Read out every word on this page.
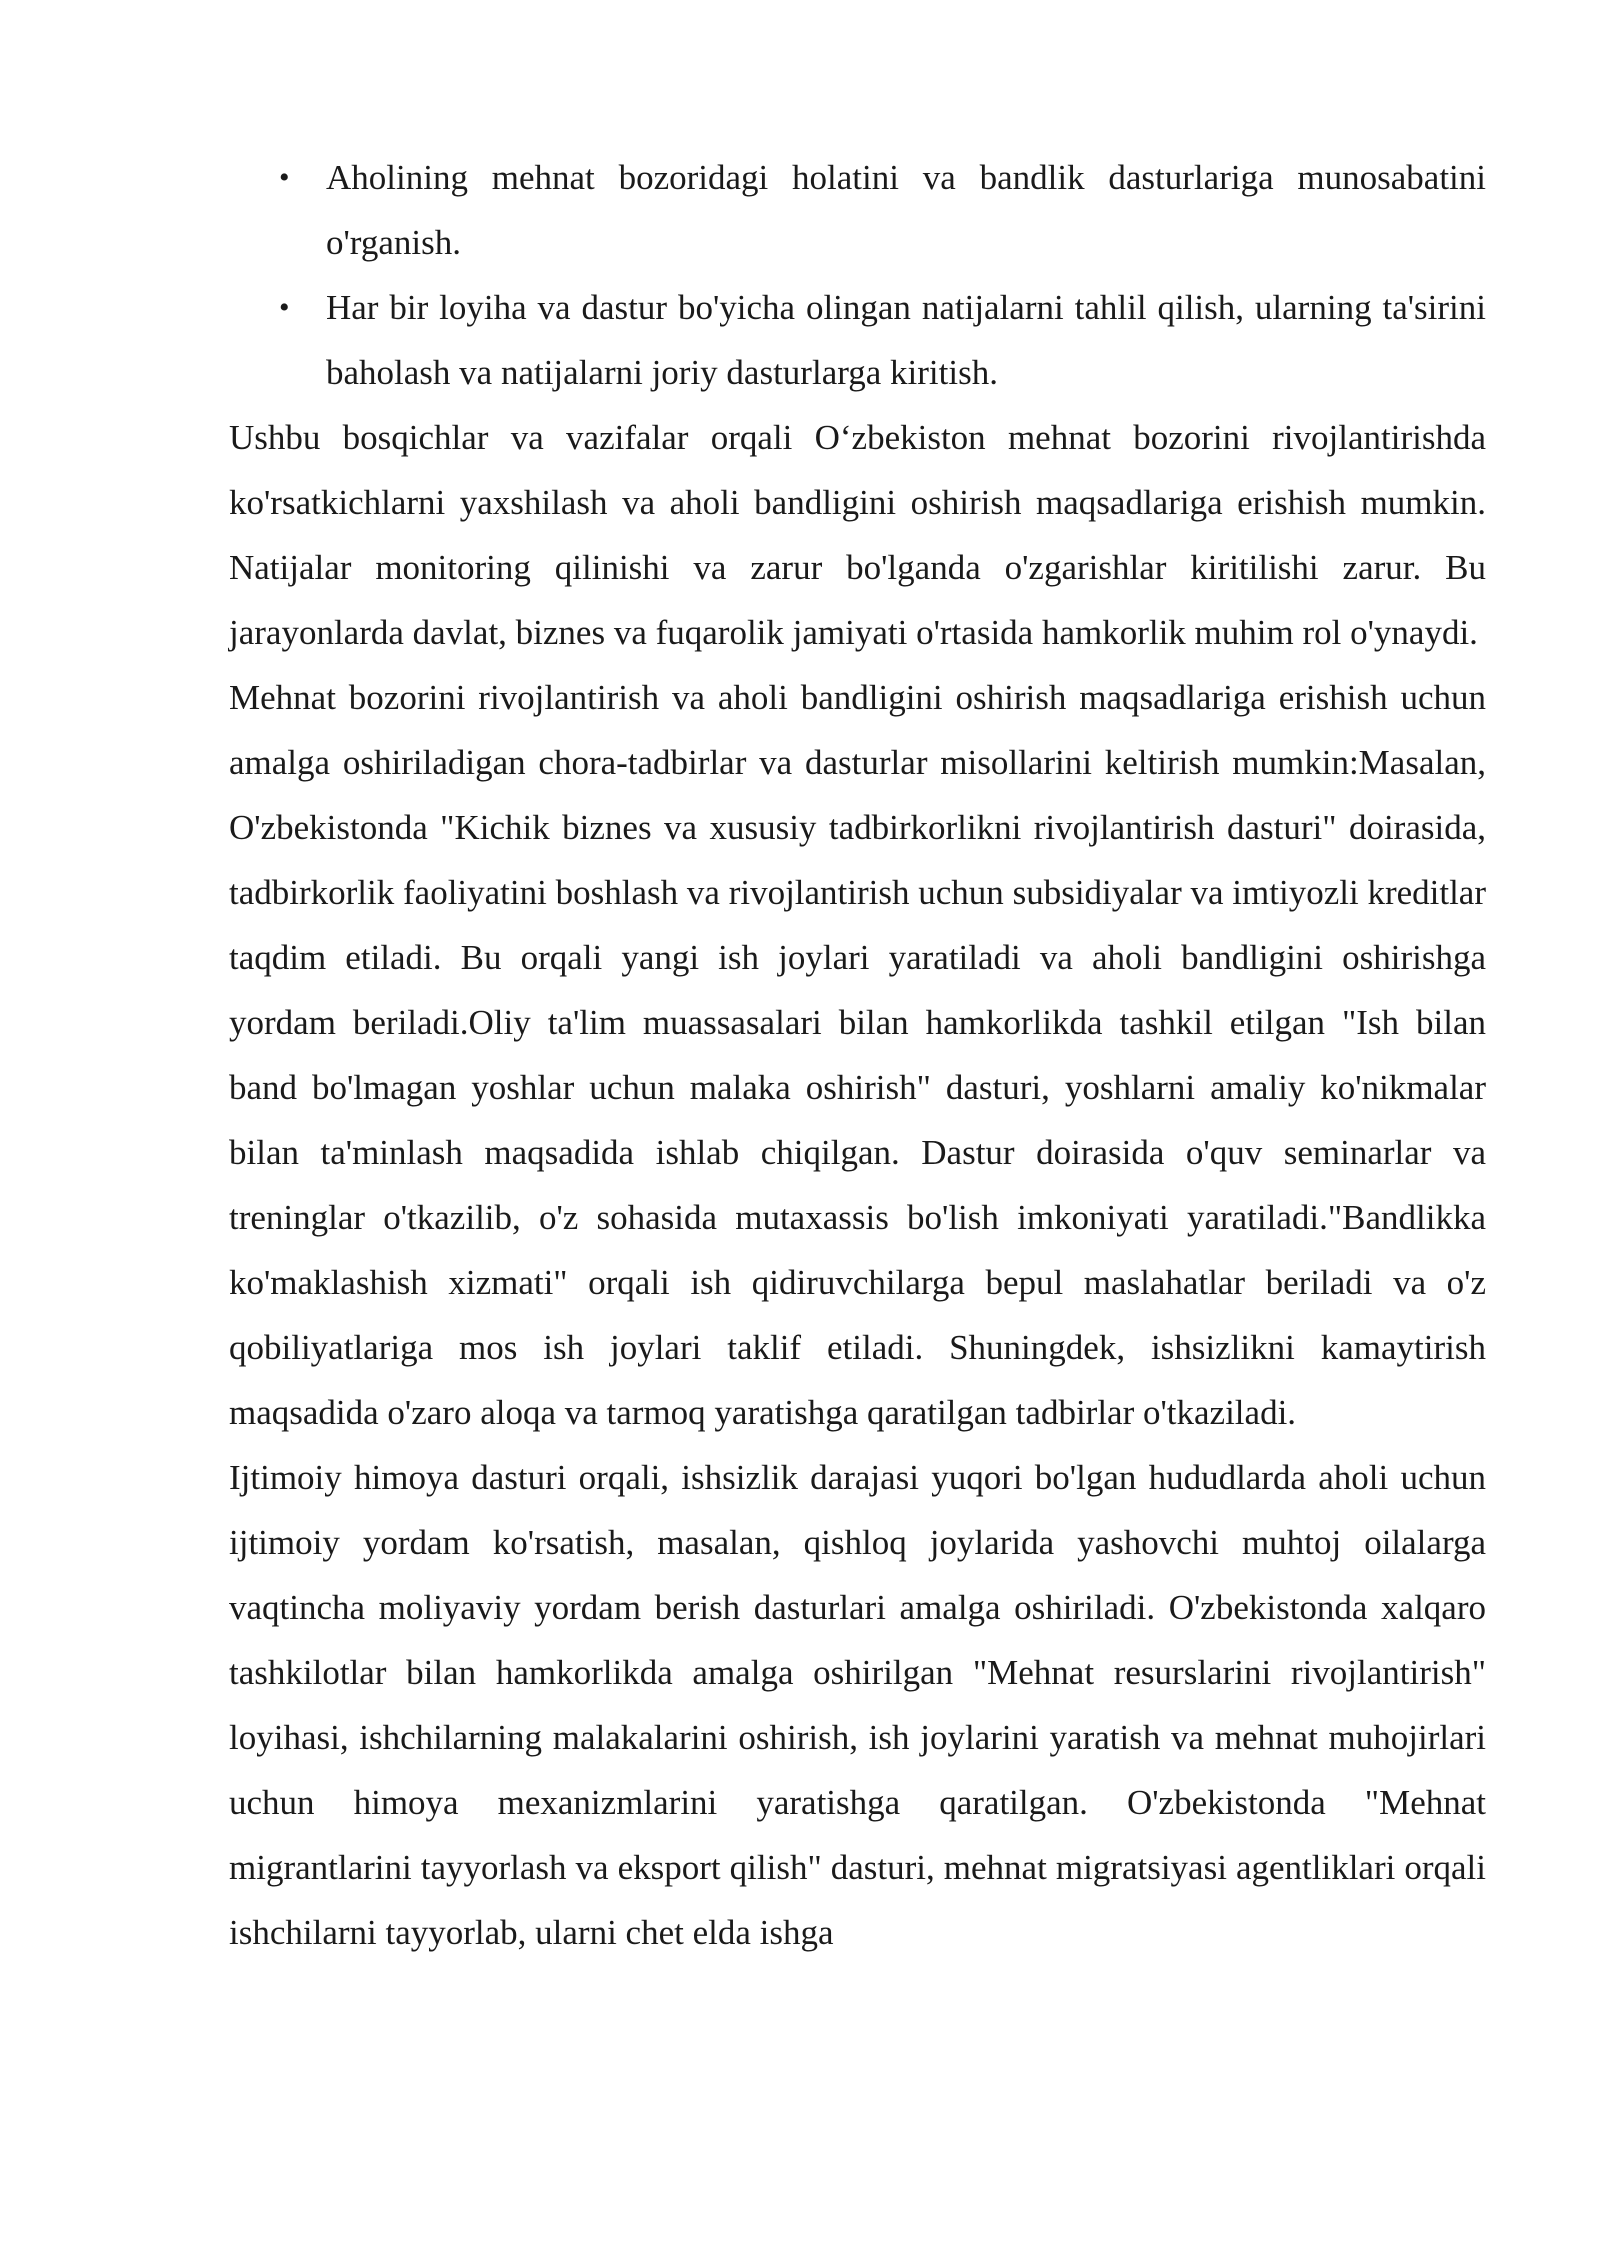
• Aholining mehnat bozoridagi holatini va bandlik dasturlariga munosabatini o'rganish.
• Har bir loyiha va dastur bo'yicha olingan natijalarni tahlil qilish, ularning ta'sirini baholash va natijalarni joriy dasturlarga kiritish.

Ushbu bosqichlar va vazifalar orqali O‘zbekiston mehnat bozorini rivojlantirishda ko'rsatkichlarni yaxshilash va aholi bandligini oshirish maqsadlariga erishish mumkin. Natijalar monitoring qilinishi va zarur bo'lganda o'zgarishlar kiritilishi zarur. Bu jarayonlarda davlat, biznes va fuqarolik jamiyati o'rtasida hamkorlik muhim rol o'ynaydi.

Mehnat bozorini rivojlantirish va aholi bandligini oshirish maqsadlariga erishish uchun amalga oshiriladigan chora-tadbirlar va dasturlar misollarini keltirish mumkin:Masalan, O'zbekistonda "Kichik biznes va xususiy tadbirkorlikni rivojlantirish dasturi" doirasida, tadbirkorlik faoliyatini boshlash va rivojlantirish uchun subsidiyalar va imtiyozli kreditlar taqdim etiladi. Bu orqali yangi ish joylari yaratiladi va aholi bandligini oshirishga yordam beriladi.Oliy ta'lim muassasalari bilan hamkorlikda tashkil etilgan "Ish bilan band bo'lmagan yoshlar uchun malaka oshirish" dasturi, yoshlarni amaliy ko'nikmalar bilan ta'minlash maqsadida ishlab chiqilgan. Dastur doirasida o'quv seminarlar va treninglar o'tkazilib, o'z sohasida mutaxassis bo'lish imkoniyati yaratiladi."Bandlikka ko'maklashish xizmati" orqali ish qidiruvchilarga bepul maslahatlar beriladi va o'z qobiliyatlariga mos ish joylari taklif etiladi. Shuningdek, ishsizlikni kamaytirish maqsadida o'zaro aloqa va tarmoq yaratishga qaratilgan tadbirlar o'tkaziladi.

Ijtimoiy himoya dasturi orqali, ishsizlik darajasi yuqori bo'lgan hududlarda aholi uchun ijtimoiy yordam ko'rsatish, masalan, qishloq joylarida yashovchi muhtoj oilalarga vaqtincha moliyaviy yordam berish dasturlari amalga oshiriladi. O'zbekistonda xalqaro tashkilotlar bilan hamkorlikda amalga oshirilgan "Mehnat resurslarini rivojlantirish" loyihasi, ishchilarning malakalarini oshirish, ish joylarini yaratish va mehnat muhojirlari uchun himoya mexanizmlarini yaratishga qaratilgan. O'zbekistonda "Mehnat migrantlarini tayyorlash va eksport qilish" dasturi, mehnat migratsiyasi agentliklari orqali ishchilarni tayyorlab, ularni chet elda ishga
